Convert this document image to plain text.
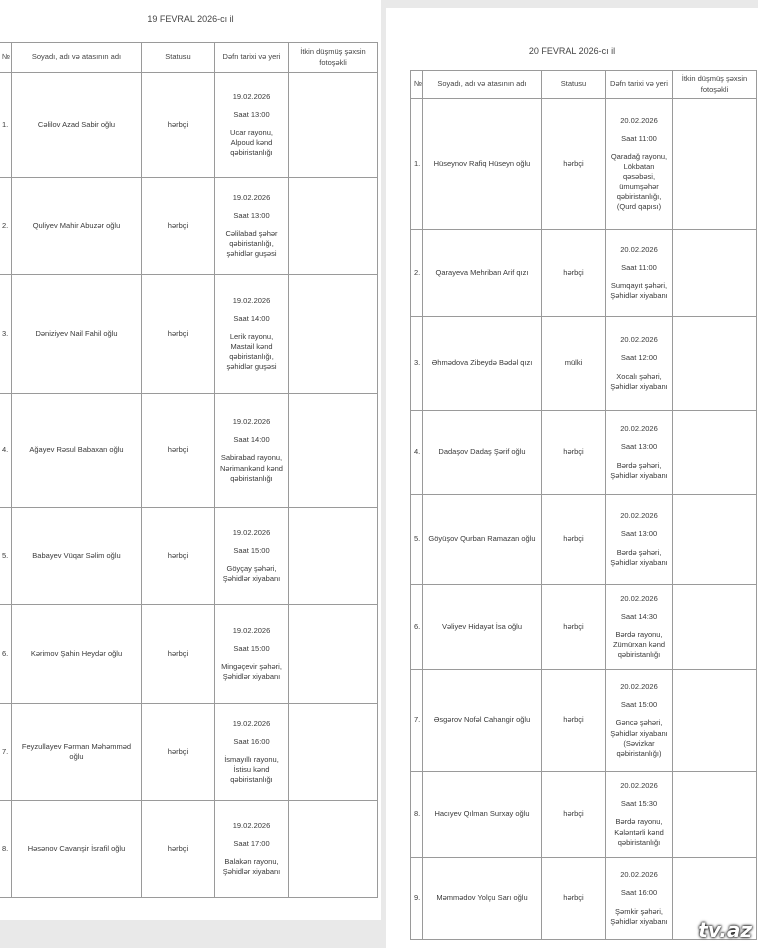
19 FEVRAL 2026-cı il
№	Soyadı, adı və atasının adı	Statusu	Dəfn tarixi və yeri	İtkin düşmüş şəxsin fotoşəkli
1.	Cəlilov Azad Sabir oğlu	hərbçi	19.02.2026
Saat 13:00
Ucar rayonu, Alpoud kənd qəbiristanlığı	

2.	Quliyev Mahir Abuzər oğlu	hərbçi	19.02.2026
Saat 13:00
Cəlilabad şəhər qəbiristanlığı, şəhidlər guşəsi	

3.	Dəniziyev Nail Fahil oğlu	hərbçi	19.02.2026
Saat 14:00
Lerik rayonu, Mastail kənd qəbiristanlığı, şəhidlər guşəsi	

4.	Ağayev Rəsul Babaxan oğlu	hərbçi	19.02.2026
Saat 14:00
Sabirabad rayonu, Nərimankənd kənd qəbiristanlığı	

5.	Babayev Vüqar Səlim oğlu	hərbçi	19.02.2026
Saat 15:00
Göyçay şəhəri, Şəhidlər xiyabanı	

6.	Kərimov Şahin Heydər oğlu	hərbçi	19.02.2026
Saat 15:00
Mingəçevir şəhəri, Şəhidlər xiyabanı	

7.	Feyzullayev Fərman Məhəmməd oğlu	hərbçi	19.02.2026
Saat 16:00
İsmayıllı rayonu, İstisu kənd qəbiristanlığı	

8.	Həsənov Cavanşir İsrafil oğlu	hərbçi	19.02.2026
Saat 17:00
Balakən rayonu, Şəhidlər xiyabanı	
20 FEVRAL 2026-cı il
№	Soyadı, adı və atasının adı	Statusu	Dəfn tarixi və yeri	İtkin düşmüş şəxsin fotoşəkli
1.	Hüseynov Rafiq Hüseyn oğlu	hərbçi	20.02.2026
Saat 11:00
Qaradağ rayonu, Lökbatan qəsəbəsi, ümumşəhər qəbiristanlığı, (Qurd qapısı)	

2.	Qarayeva Mehriban Arif qızı	hərbçi	20.02.2026
Saat 11:00
Sumqayıt şəhəri, Şəhidlər xiyabanı	

3.	Əhmədova Zibeydə Bədəl qızı	mülki	20.02.2026
Saat 12:00
Xocalı şəhəri, Şəhidlər xiyabanı	

4.	Dadaşov Dadaş Şərif oğlu	hərbçi	20.02.2026
Saat 13:00
Bərdə şəhəri, Şəhidlər xiyabanı	

5.	Göyüşov Qurban Ramazan oğlu	hərbçi	20.02.2026
Saat 13:00
Bərdə şəhəri, Şəhidlər xiyabanı	

6.	Vəliyev Hidayət İsa oğlu	hərbçi	20.02.2026
Saat 14:30
Bərdə rayonu, Zümürxan kənd qəbiristanlığı	

7.	Əsgərov Nofəl Cahangir oğlu	hərbçi	20.02.2026
Saat 15:00
Gəncə şəhəri, Şəhidlər xiyabanı (Səvizkar qəbiristanlığı)	

8.	Hacıyev Qılman Surxay oğlu	hərbçi	20.02.2026
Saat 15:30
Bərdə rayonu, Kələntərli kənd qəbiristanlığı	

9.	Məmmədov Yolçu Sarı oğlu	hərbçi	20.02.2026
Saat 16:00
Şəmkir şəhəri, Şəhidlər xiyabanı	tv.az
